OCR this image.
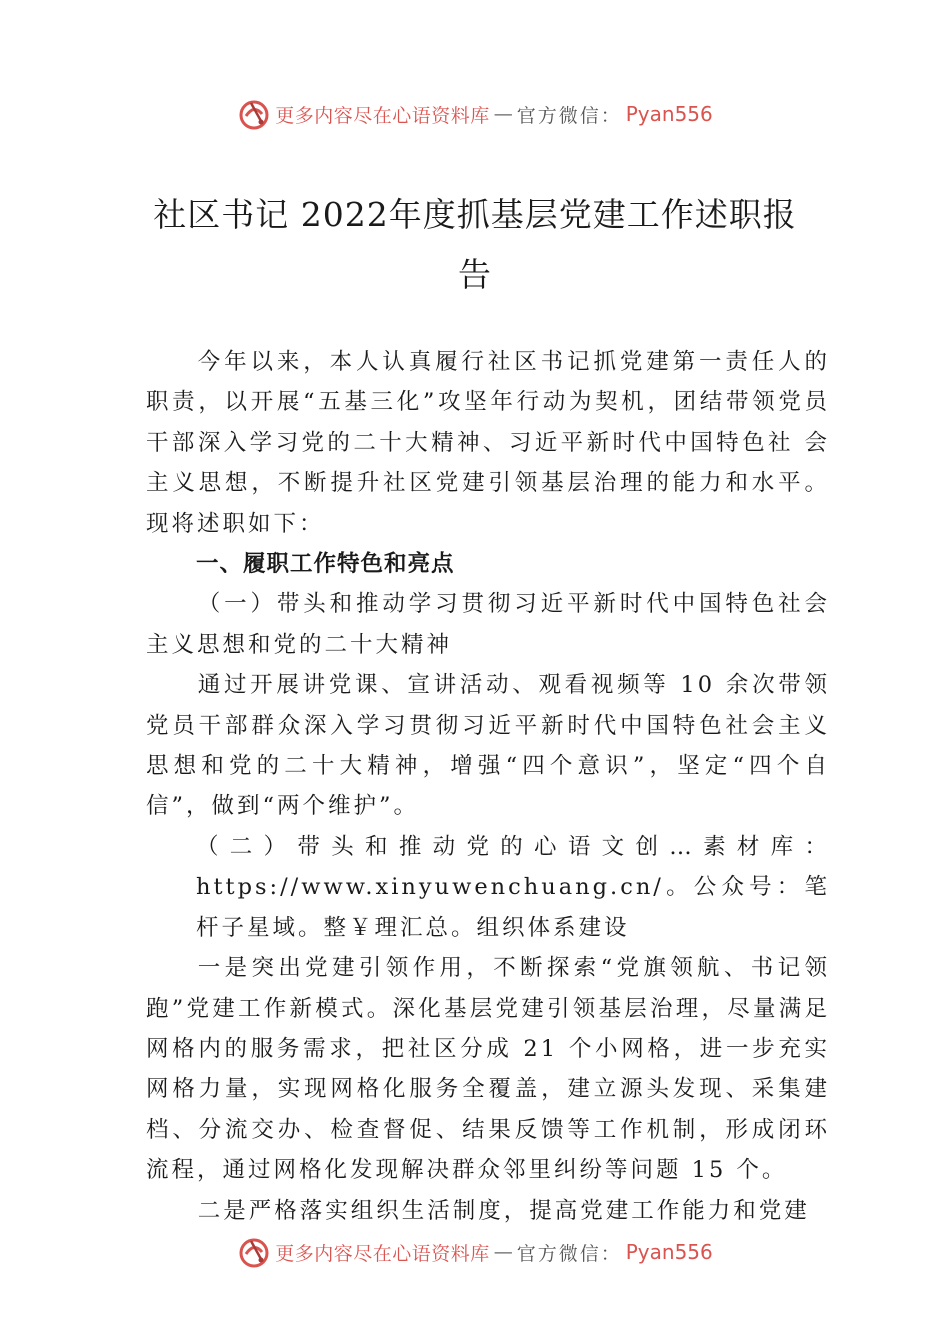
更多内容尽在心语资料库 — 官方微信： Pyan556
社区书记 2022年度抓基层党建工作述职报告

今年以来，本人认真履行社区书记抓党建第一责任人的职责，以开展“五基三化”攻坚年行动为契机，团结带领党员干部深入学习党的二十大精神、习近平新时代中国特色社 会主义思想，不断提升社区党建引领基层治理的能力和水平。现将述职如下：

一、履职工作特色和亮点

（一）带头和推动学习贯彻习近平新时代中国特色社会主义思想和党的二十大精神

通过开展讲党课、宣讲活动、观看视频等 10 余次带领党员干部群众深入学习贯彻习近平新时代中国特色社会主义思想和党的二十大精神，增强“四个意识”，坚定“四个自信”，做到“两个维护”。

（二）带头和推动党的心语文创…素材库：https://www.xinyuwenchuang.cn/。公众号：笔杆子星域。整￥理汇总。组织体系建设

一是突出党建引领作用，不断探索“党旗领航、书记领跑”党建工作新模式。深化基层党建引领基层治理，尽量满足网格内的服务需求，把社区分成 21 个小网格，进一步充实网格力量，实现网格化服务全覆盖，建立源头发现、采集建档、分流交办、检查督促、结果反馈等工作机制，形成闭环流程，通过网格化发现解决群众邻里纠纷等问题 15 个。

二是严格落实组织生活制度，提高党建工作能力和党建

更多内容尽在心语资料库 — 官方微信： Pyan556
